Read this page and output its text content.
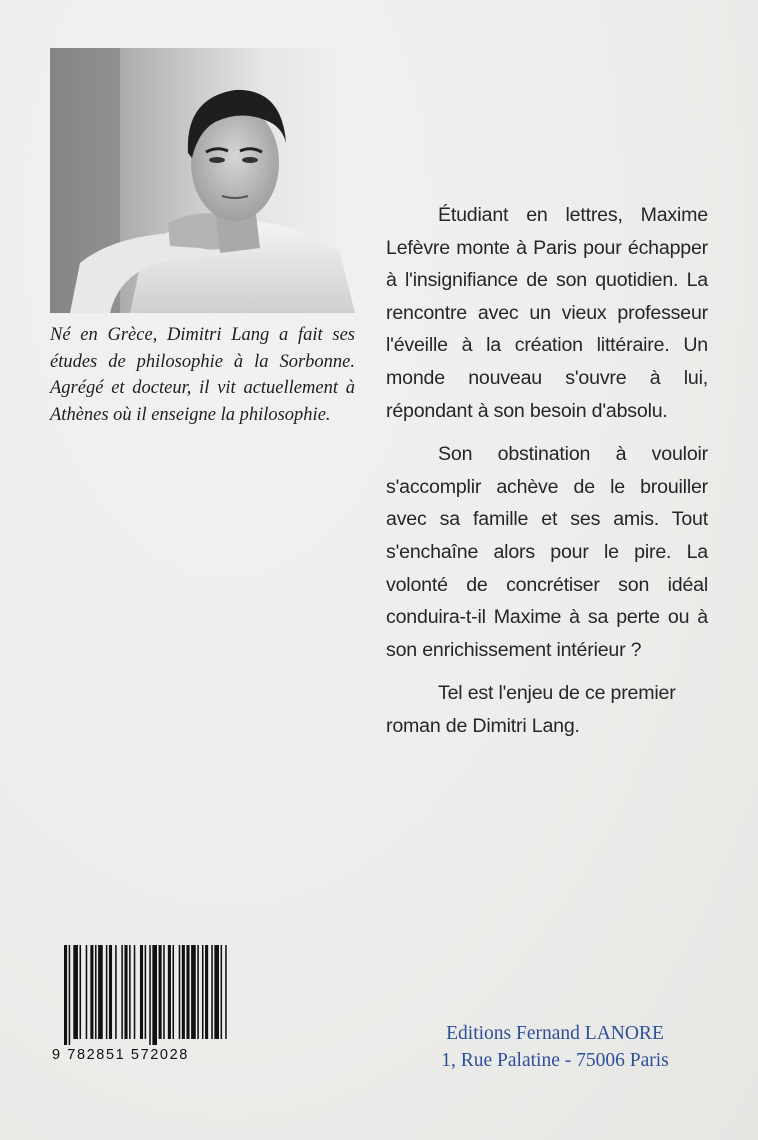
Né en Grèce, Dimitri Lang a fait ses études de philosophie à la Sorbonne. Agrégé et docteur, il vit actuellement à Athènes où il enseigne la philosophie.

Étudiant en lettres, Maxime Lefèvre monte à Paris pour échapper à l'insignifiance de son quotidien. La rencontre avec un vieux professeur l'éveille à la création littéraire. Un monde nouveau s'ouvre à lui, répondant à son besoin d'absolu.

Son obstination à vouloir s'accomplir achève de le brouiller avec sa famille et ses amis. Tout s'enchaîne alors pour le pire. La volonté de concrétiser son idéal conduira-t-il Maxime à sa perte ou à son enrichissement intérieur ?

Tel est l'enjeu de ce premier roman de Dimitri Lang.

9 782851 572028
Editions Fernand LANORE
1, Rue Palatine - 75006 Paris
